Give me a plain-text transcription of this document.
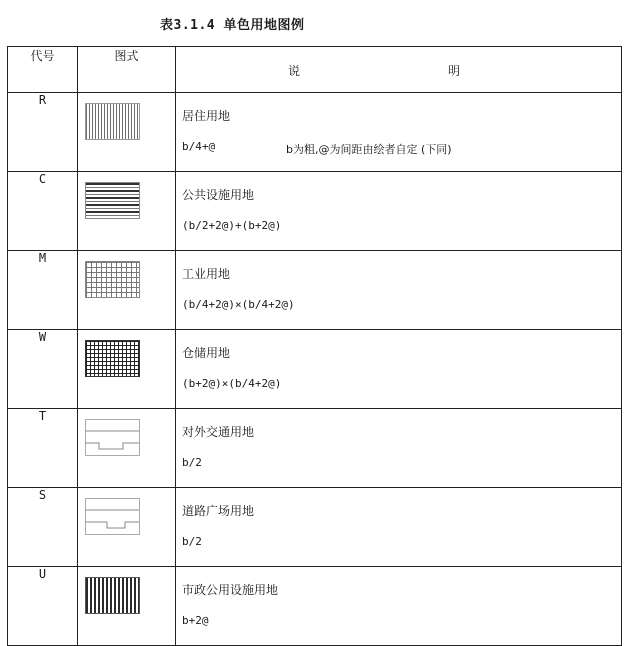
表3.1.4 单色用地图例
代号	图式	说 明

R		居住用地
b/4+@ b为粗,@为间距由绘者自定 (下同)

C		公共设施用地
(b/2+2@)+(b+2@)

M		工业用地
(b/4+2@)×(b/4+2@)

W		仓储用地
(b+2@)×(b/4+2@)

T		对外交通用地
b/2

S		道路广场用地
b/2

U		市政公用设施用地
b+2@
